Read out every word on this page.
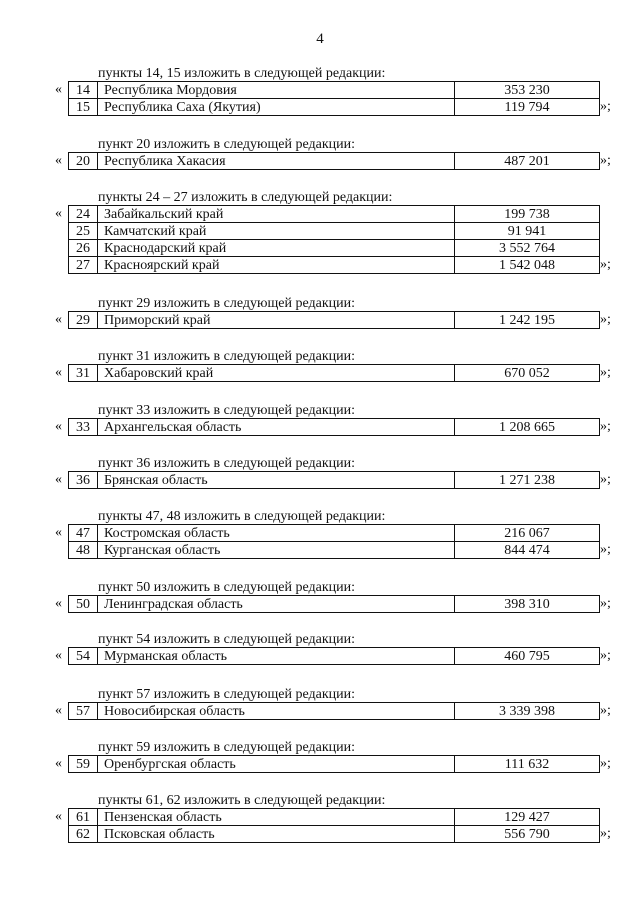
4
пункты 14, 15 изложить в следующей редакции:
«	14	Республика Мордовия	353 230
15	Республика Саха (Якутия)	119 794	»;
пункт 20 изложить в следующей редакции:
«	20	Республика Хакасия	487 201	»;
пункты 24 – 27 изложить в следующей редакции:
«	24	Забайкальский край	199 738
25	Камчатский край	91 941
26	Краснодарский край	3 552 764
27	Красноярский край	1 542 048	»;
пункт 29 изложить в следующей редакции:
«	29	Приморский край	1 242 195	»;
пункт 31 изложить в следующей редакции:
«	31	Хабаровский край	670 052	»;
пункт 33 изложить в следующей редакции:
«	33	Архангельская область	1 208 665	»;
пункт 36 изложить в следующей редакции:
«	36	Брянская область	1 271 238	»;
пункты 47, 48 изложить в следующей редакции:
«	47	Костромская область	216 067
48	Курганская область	844 474	»;
пункт 50 изложить в следующей редакции:
«	50	Ленинградская область	398 310	»;
пункт 54 изложить в следующей редакции:
«	54	Мурманская область	460 795	»;
пункт 57 изложить в следующей редакции:
«	57	Новосибирская область	3 339 398	»;
пункт 59 изложить в следующей редакции:
«	59	Оренбургская область	111 632	»;
пункты 61, 62 изложить в следующей редакции:
«	61	Пензенская область	129 427
62	Псковская область	556 790	»;
